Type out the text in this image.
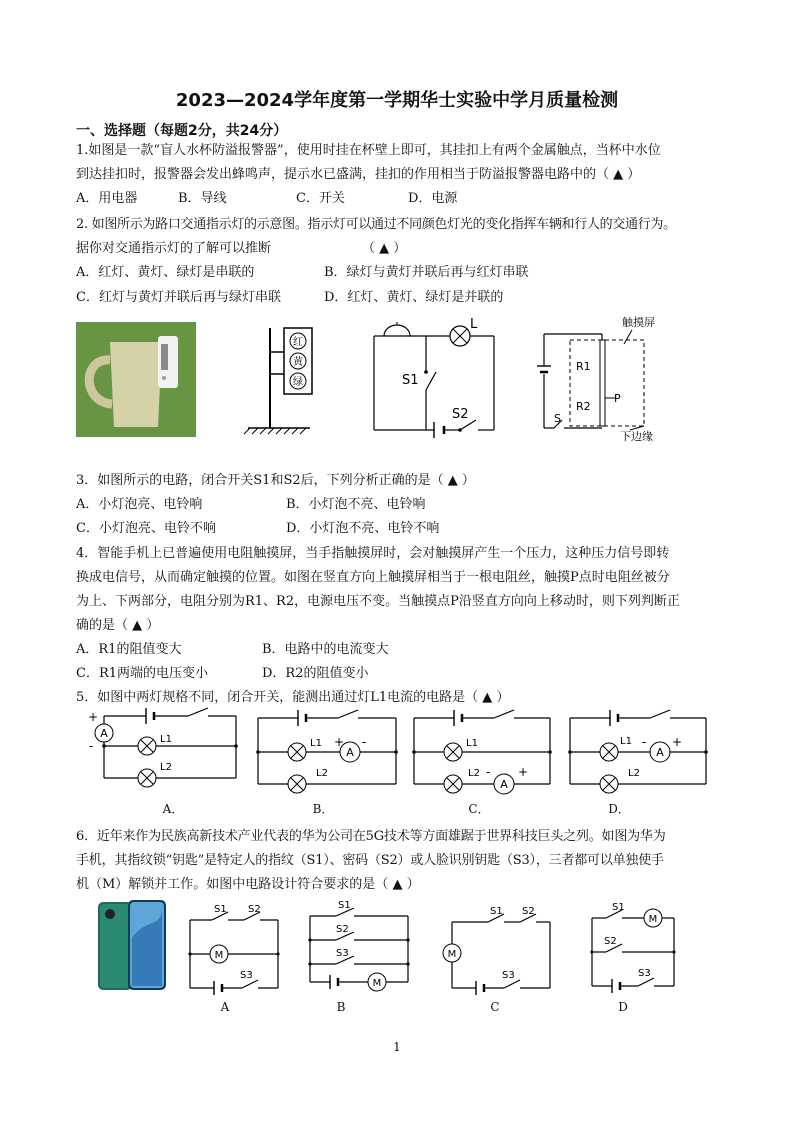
2023—2024学年度第一学期华士实验中学月质量检测
一、选择题（每题2分，共24分）
1.如图是一款“盲人水杯防溢报警器”，使用时挂在杯壁上即可，其挂扣上有两个金属触点，当杯中水位
到达挂扣时，报警器会发出蜂鸣声，提示水已盛满，挂扣的作用相当于防溢报警器电路中的（ ▲ ）
A．用电器	B．导线	C．开关	D．电源
2. 如图所示为路口交通指示灯的示意图。指示灯可以通过不同颜色灯光的变化指挥车辆和行人的交通行为。
据你对交通指示灯的了解可以推断	（ ▲ ）
A．红灯、黄灯、绿灯是串联的	B．绿灯与黄灯并联后再与红灯串联
C．红灯与黄灯并联后再与绿灯串联	D．红灯、黄灯、绿灯是并联的
红
黄
绿
L
S1
S2
触摸屏
R1
R2
P
S
下边缘
3．如图所示的电路，闭合开关S1和S2后，下列分析正确的是（ ▲ ）
A．小灯泡亮、电铃响	B．小灯泡不亮、电铃响
C．小灯泡亮、电铃不响	D．小灯泡不亮、电铃不响
4．智能手机上已普遍使用电阻触摸屏，当手指触摸屏时，会对触摸屏产生一个压力，这种压力信号即转
换成电信号，从而确定触摸的位置。如图在竖直方向上触摸屏相当于一根电阻丝，触摸P点时电阻丝被分
为上、下两部分，电阻分别为R1、R2，电源电压不变。当触摸点P沿竖直方向向上移动时，则下列判断正
确的是（ ▲ ）
A．R1的阻值变大	B．电路中的电流变大
C．R1两端的电压变小	D．R2的阻值变小
5．如图中两灯规格不同，闭合开关，能测出通过灯L1电流的电路是（ ▲ ）
A
+
-	L1
L2
A．
A
+ -
L1
L2
B．
A
- +
L1
L2
C．
A
- +
L1
L2
D．
6．近年来作为民族高新技术产业代表的华为公司在5G技术等方面雄踞于世界科技巨头之列。如图为华为
手机，其指纹锁“钥匙”是特定人的指纹（S1）、密码（S2）或人脸识别钥匙（S3），三者都可以单独使手
机（M）解锁并工作。如图中电路设计符合要求的是（ ▲ ）
M
S1 S2
S3
A
M
S1
S2
S3
B
M
S1 S2
S3
C
M
S1
S2
S3
D
1
